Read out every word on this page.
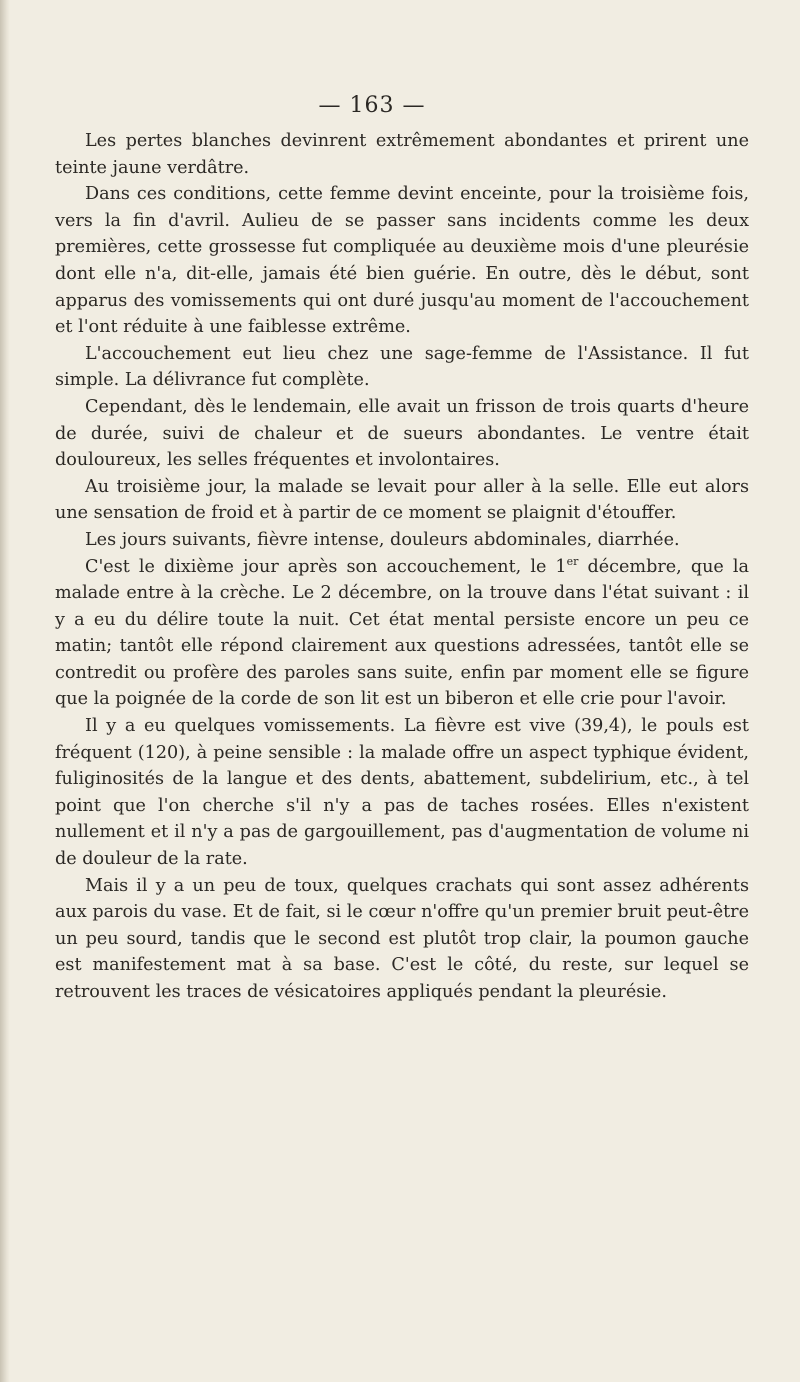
— 163 —

Les pertes blanches devinrent extrêmement abondantes et prirent une teinte jaune verdâtre.

Dans ces conditions, cette femme devint enceinte, pour la troisième fois, vers la fin d'avril. Aulieu de se passer sans incidents comme les deux premières, cette grossesse fut compliquée au deuxième mois d'une pleurésie dont elle n'a, dit-elle, jamais été bien guérie. En outre, dès le début, sont apparus des vomissements qui ont duré jusqu'au moment de l'accouchement et l'ont réduite à une faiblesse extrême.

L'accouchement eut lieu chez une sage-femme de l'Assistance. Il fut simple. La délivrance fut complète.

Cependant, dès le lendemain, elle avait un frisson de trois quarts d'heure de durée, suivi de chaleur et de sueurs abondantes. Le ventre était douloureux, les selles fréquentes et involontaires.

Au troisième jour, la malade se levait pour aller à la selle. Elle eut alors une sensation de froid et à partir de ce moment se plaignit d'étouffer.

Les jours suivants, fièvre intense, douleurs abdominales, diarrhée.

C'est le dixième jour après son accouchement, le 1er décembre, que la malade entre à la crèche. Le 2 décembre, on la trouve dans l'état suivant : il y a eu du délire toute la nuit. Cet état mental persiste encore un peu ce matin; tantôt elle répond clairement aux questions adressées, tantôt elle se contredit ou profère des paroles sans suite, enfin par moment elle se figure que la poignée de la corde de son lit est un biberon et elle crie pour l'avoir.

Il y a eu quelques vomissements. La fièvre est vive (39,4), le pouls est fréquent (120), à peine sensible : la malade offre un aspect typhique évident, fuliginosités de la langue et des dents, abattement, subdelirium, etc., à tel point que l'on cherche s'il n'y a pas de taches rosées. Elles n'existent nullement et il n'y a pas de gargouillement, pas d'augmentation de volume ni de douleur de la rate.

Mais il y a un peu de toux, quelques crachats qui sont assez adhérents aux parois du vase. Et de fait, si le cœur n'offre qu'un premier bruit peut-être un peu sourd, tandis que le second est plutôt trop clair, la poumon gauche est manifestement mat à sa base. C'est le côté, du reste, sur lequel se retrouvent les traces de vésicatoires appliqués pendant la pleurésie.
